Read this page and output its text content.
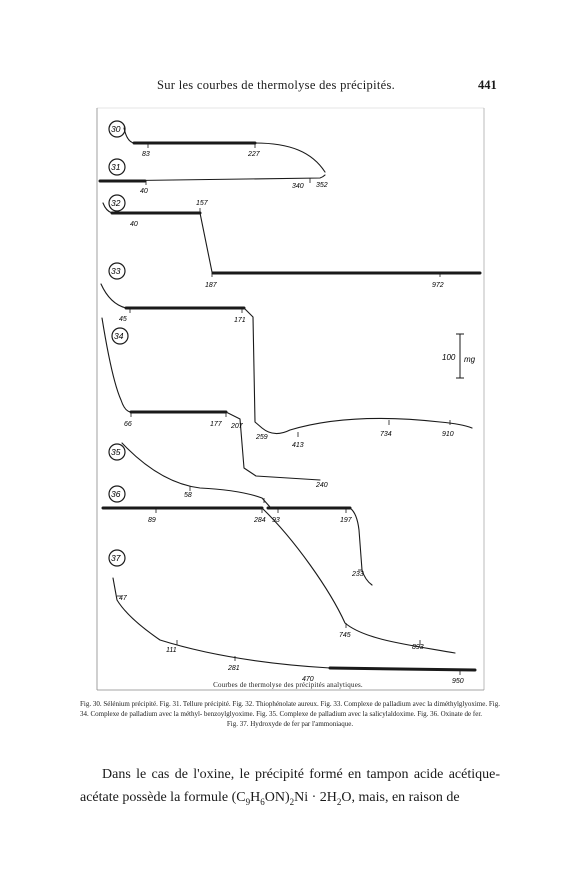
Sur les courbes de thermolyse des précipités.	441
100 mg
30
31
32
33
34
35
36
37
83	227
40
340 352
40
157
187	972
45	171
66	177 207
259
413
734	910
58
240
89	284 93	197
233
47
111
281
470
745
893
950
Courbes de thermolyse des précipités analytiques.
Fig. 30. Sélénium précipité. Fig. 31. Tellure précipité. Fig. 32. Thiophénolate aureux. Fig. 33. Complexe de palladium avec la diméthylglyoxime. Fig. 34. Complexe de palladium avec la méthyl- benzoylglyoxime. Fig. 35. Complexe de palladium avec la salicylaldoxime. Fig. 36. Oxinate de fer.
Fig. 37. Hydroxyde de fer par l'ammoniaque.
Dans le cas de l'oxine, le précipité formé en tampon acide acétique- acétate possède la formule $(C_9H_6ON)_2Ni \cdot 2H_2O$, mais, en raison de
